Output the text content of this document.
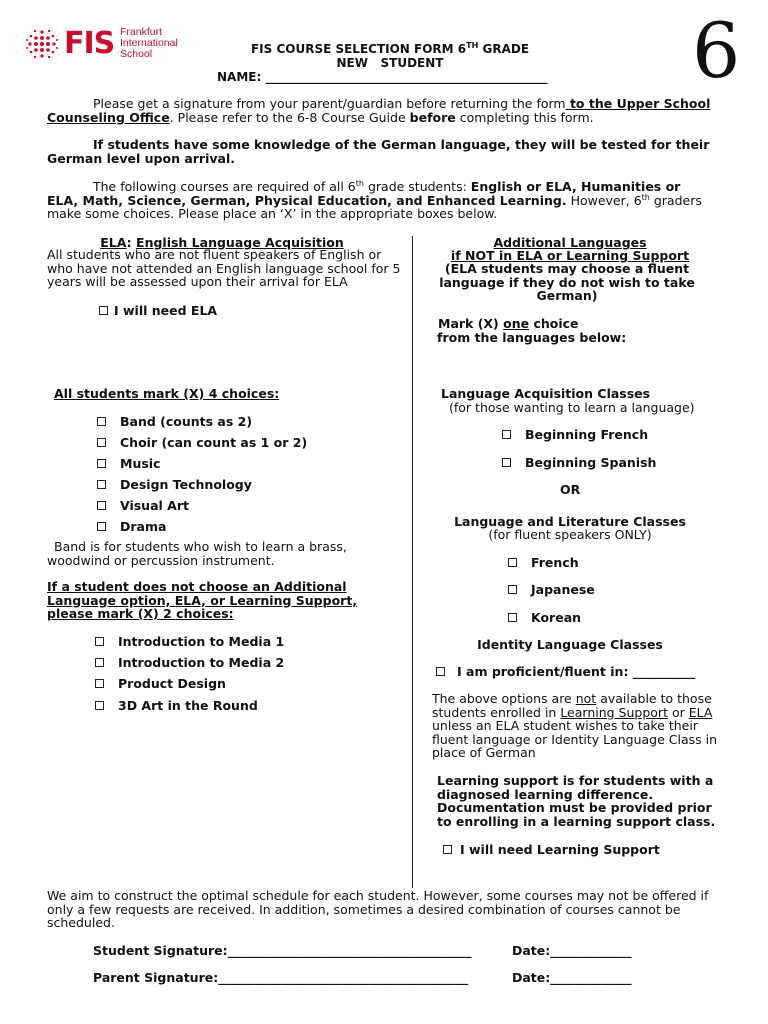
FIS Frankfurt
International
School	FIS COURSE SELECTION FORM 6TH GRADE
NEW   STUDENT
NAME: _______________________________________________ 6
Please get a signature from your parent/guardian before returning the form to the Upper School Counseling Office. Please refer to the 6-8 Course Guide before completing this form.
If students have some knowledge of the German language, they will be tested for their German level upon arrival.
The following courses are required of all 6th grade students: English or ELA, Humanities or ELA, Math, Science, German, Physical Education, and Enhanced Learning. However, 6th graders make some choices. Please place an ‘X’ in the appropriate boxes below.
ELA: English Language Acquisition
All students who are not fluent speakers of English or who have not attended an English language school for 5 years will be assessed upon their arrival for ELA
I will need ELA
All students mark (X) 4 choices:
Band (counts as 2)
Choir (can count as 1 or 2)
Music
Design Technology
Visual Art
Drama
Band is for students who wish to learn a brass, woodwind or percussion instrument.
If a student does not choose an Additional Language option, ELA, or Learning Support, please mark (X) 2 choices:
Introduction to Media 1
Introduction to Media 2
Product Design
3D Art in the Round
Additional Languages
if NOT in ELA or Learning Support
(ELA students may choose a fluent language if they do not wish to take German)
Mark (X) one choice
from the languages below:
Language Acquisition Classes
(for those wanting to learn a language)
Beginning French
Beginning Spanish
OR
Language and Literature Classes
(for fluent speakers ONLY)
French
Japanese
Korean
Identity Language Classes
I am proficient/fluent in: __________
The above options are not available to those students enrolled in Learning Support or ELA unless an ELA student wishes to take their fluent language or Identity Language Class in place of German
Learning support is for students with a diagnosed learning difference. Documentation must be provided prior to enrolling in a learning support class.
I will need Learning Support
We aim to construct the optimal schedule for each student. However, some courses may not be offered if only a few requests are received. In addition, sometimes a desired combination of courses cannot be scheduled.
Student Signature:_______________________________________	Date:_____________
Parent Signature:________________________________________	Date:_____________
